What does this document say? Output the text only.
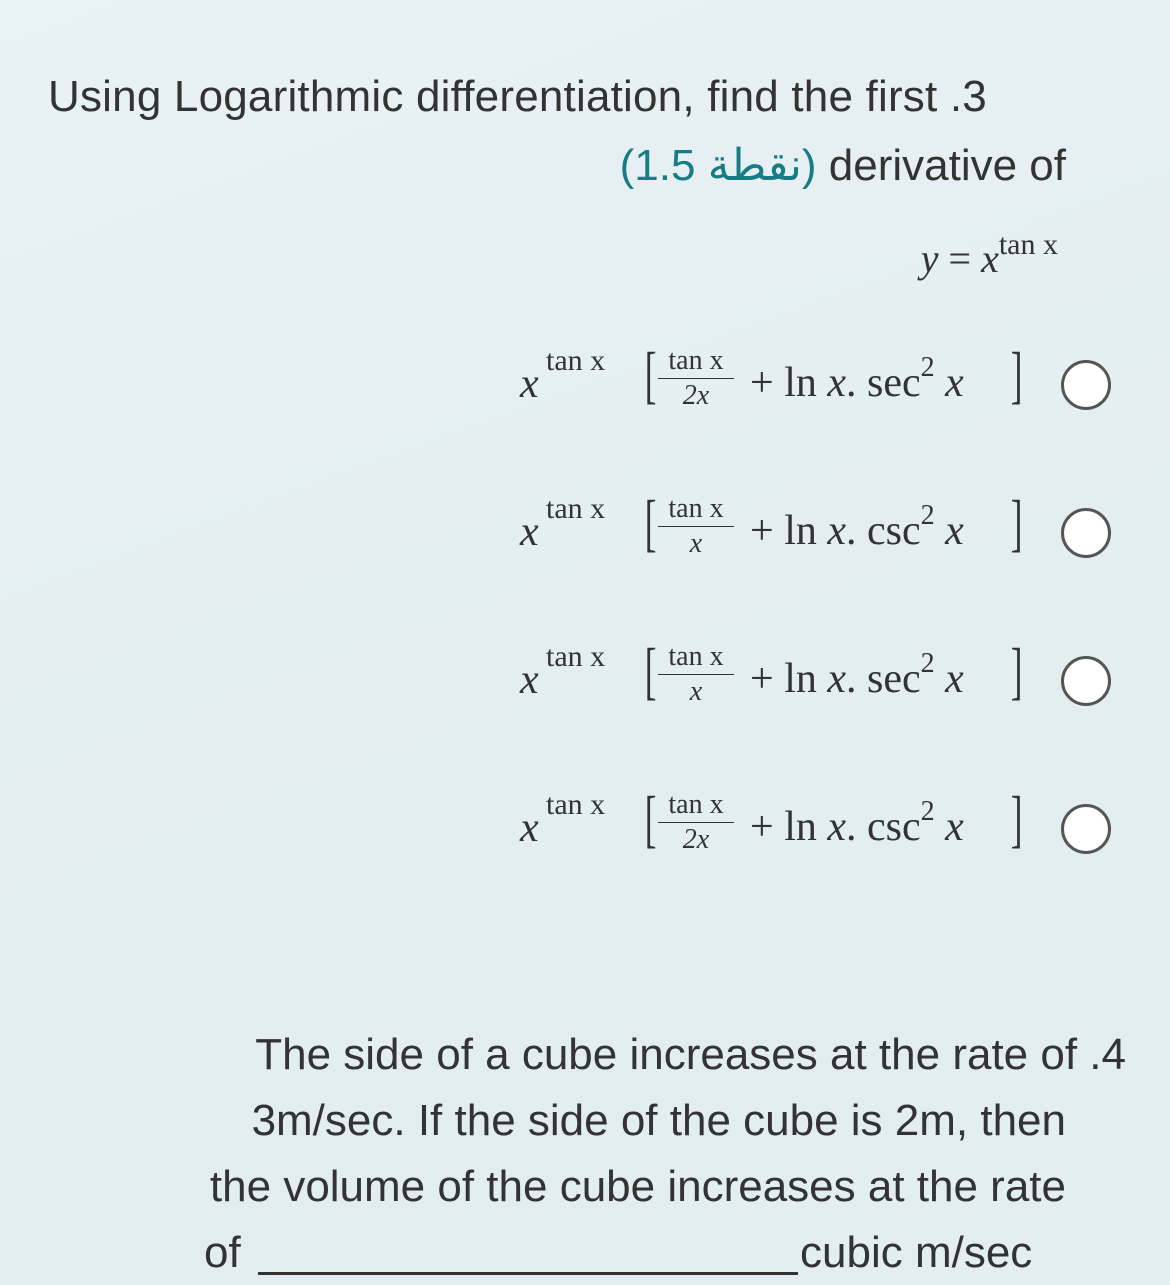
Using Logarithmic differentiation, find the first .3
(1.5 نقطة) derivative of
$y = x^{tan x}$
x
tan x [ tan x
2x + ln x. $\sec^2 x$ ]
x
tan x [ tan x
x	+ ln x. $\csc^2 x$ ]
x
tan x [ tan x
x	+ ln x. $\sec^2 x$ ]
x
tan x [ tan x
2x + ln x. $\csc^2 x$ ]
The side of a cube increases at the rate of .4
3m/sec. If the side of the cube is 2m, then
the volume of the cube increases at the rate
of	cubic m/sec
